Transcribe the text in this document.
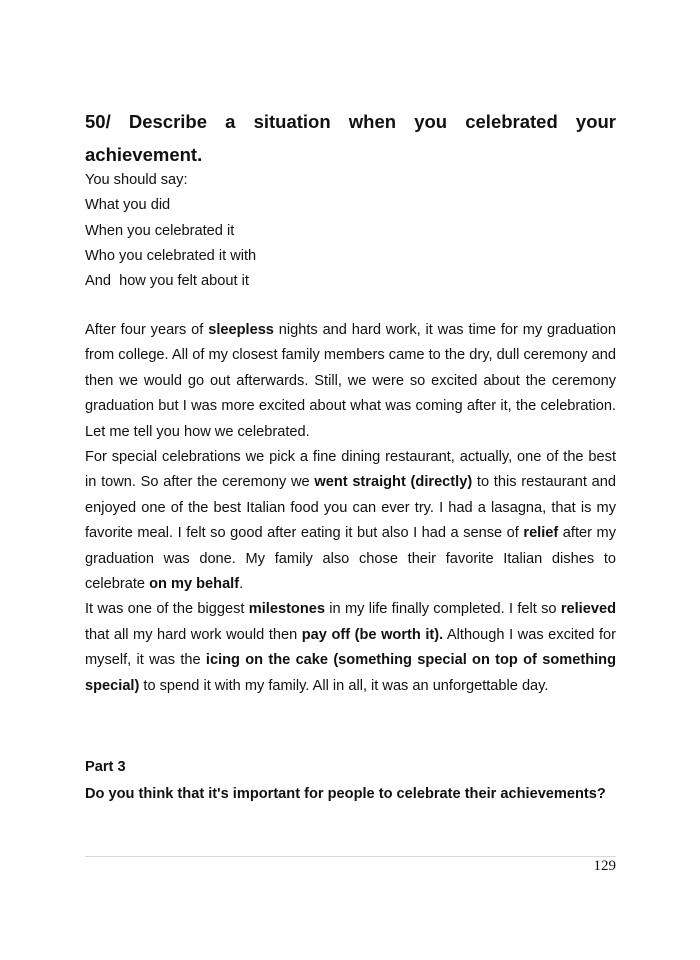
50/ Describe a situation when you celebrated your achievement.
You should say:
What you did
When you celebrated it
Who you celebrated it with
And  how you felt about it

After four years of sleepless nights and hard work, it was time for my graduation from college. All of my closest family members came to the dry, dull ceremony and then we would go out afterwards. Still, we were so excited about the ceremony graduation but I was more excited about what was coming after it, the celebration. Let me tell you how we celebrated.

For special celebrations we pick a fine dining restaurant, actually, one of the best in town. So after the ceremony we went straight (directly) to this restaurant and enjoyed one of the best Italian food you can ever try. I had a lasagna, that is my favorite meal. I felt so good after eating it but also I had a sense of relief after my graduation was done. My family also chose their favorite Italian dishes to celebrate on my behalf.

It was one of the biggest milestones in my life finally completed. I felt so relieved that all my hard work would then pay off (be worth it). Although I was excited for myself, it was the icing on the cake (something special on top of something special) to spend it with my family. All in all, it was an unforgettable day.

Part 3
Do you think that it's important for people to celebrate their achievements?
129
